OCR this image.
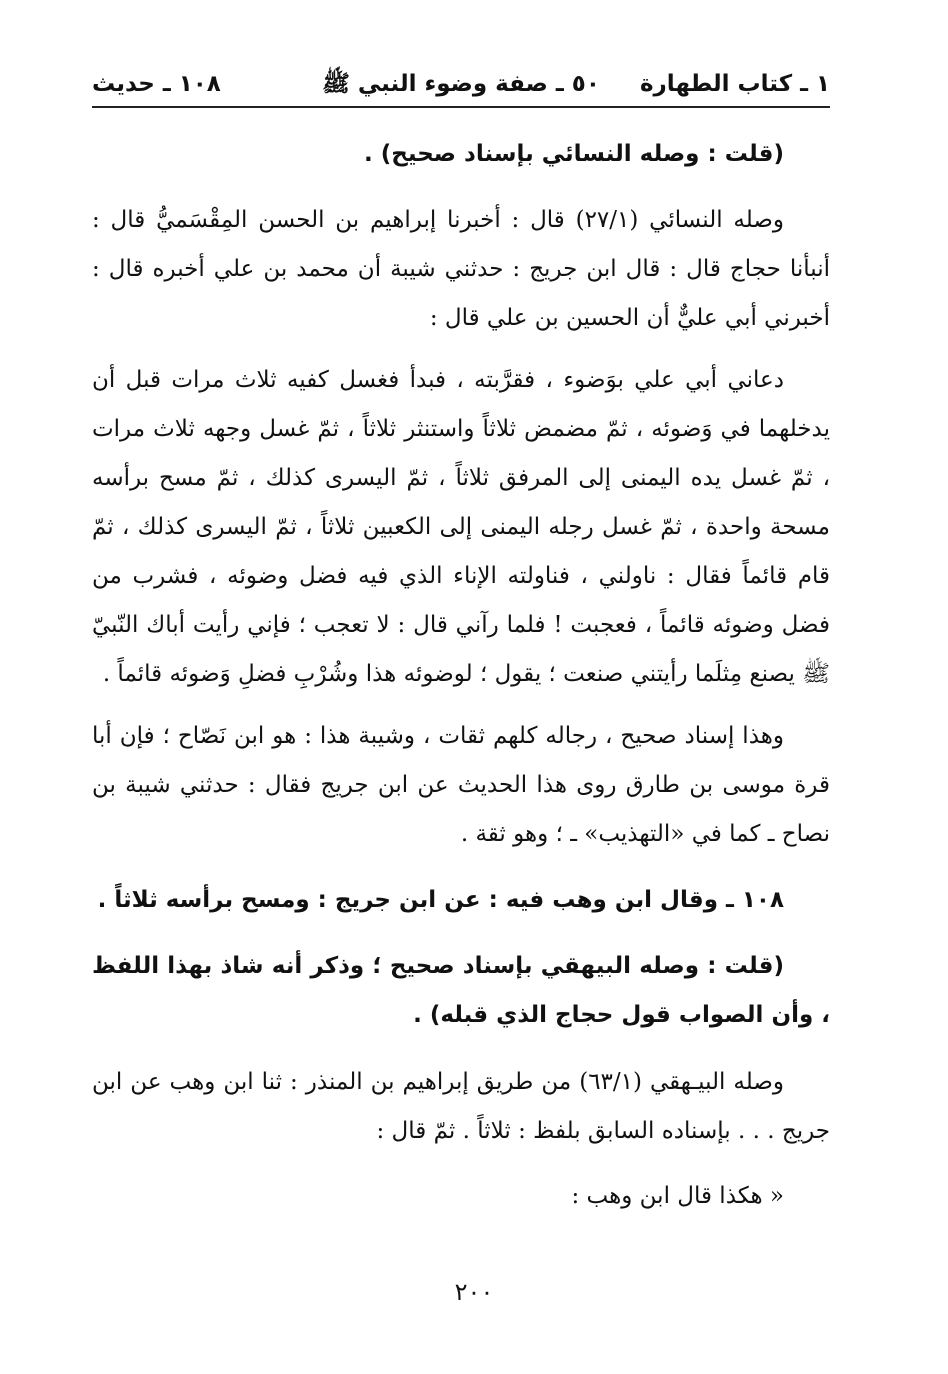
١ ـ كتاب الطهارة
٥٠ ـ صفة وضوء النبي ﷺ
١٠٨ ـ حديث
(قلت : وصله النسائي بإسناد صحيح) .
وصله النسائي (٢٧/١) قال : أخبرنا إبراهيم بن الحسن المِقْسَميُّ قال : أنبأنا حجاج قال : قال ابن جريج : حدثني شيبة أن محمد بن علي أخبره قال : أخبرني أبي عليٌّ أن الحسين بن علي قال :
دعاني أبي علي بوَضوء ، فقرَّبته ، فبدأ فغسل كفيه ثلاث مرات قبل أن يدخلهما في وَضوئه ، ثمّ مضمض ثلاثاً واستنثر ثلاثاً ، ثمّ غسل وجهه ثلاث مرات ، ثمّ غسل يده اليمنى إلى المرفق ثلاثاً ، ثمّ اليسرى كذلك ، ثمّ مسح برأسه مسحة واحدة ، ثمّ غسل رجله اليمنى إلى الكعبين ثلاثاً ، ثمّ اليسرى كذلك ، ثمّ قام قائماً فقال : ناولني ، فناولته الإناء الذي فيه فضل وضوئه ، فشرب من فضل وضوئه قائماً ، فعجبت ! فلما رآني قال : لا تعجب ؛ فإني رأيت أباك النّبيّ ﷺ يصنع مِثلَما رأيتني صنعت ؛ يقول ؛ لوضوئه هذا وشُرْبِ فضلِ وَضوئه قائماً .
وهذا إسناد صحيح ، رجاله كلهم ثقات ، وشيبة هذا : هو ابن نَصّاح ؛ فإن أبا قرة موسى بن طارق روى هذا الحديث عن ابن جريج فقال : حدثني شيبة بن نصاح ـ كما في «التهذيب» ـ ؛ وهو ثقة .
١٠٨ ـ وقال ابن وهب فيه : عن ابن جريج : ومسح برأسه ثلاثاً .
(قلت : وصله البيهقي بإسناد صحيح ؛ وذكر أنه شاذ بهذا اللفظ ، وأن الصواب قول حجاج الذي قبله) .
وصله البيـهقي (٦٣/١) من طريق إبراهيم بن المنذر : ثنا ابن وهب عن ابن جريج . . . بإسناده السابق بلفظ : ثلاثاً . ثمّ قال :
« هكذا قال ابن وهب :
٢٠٠
